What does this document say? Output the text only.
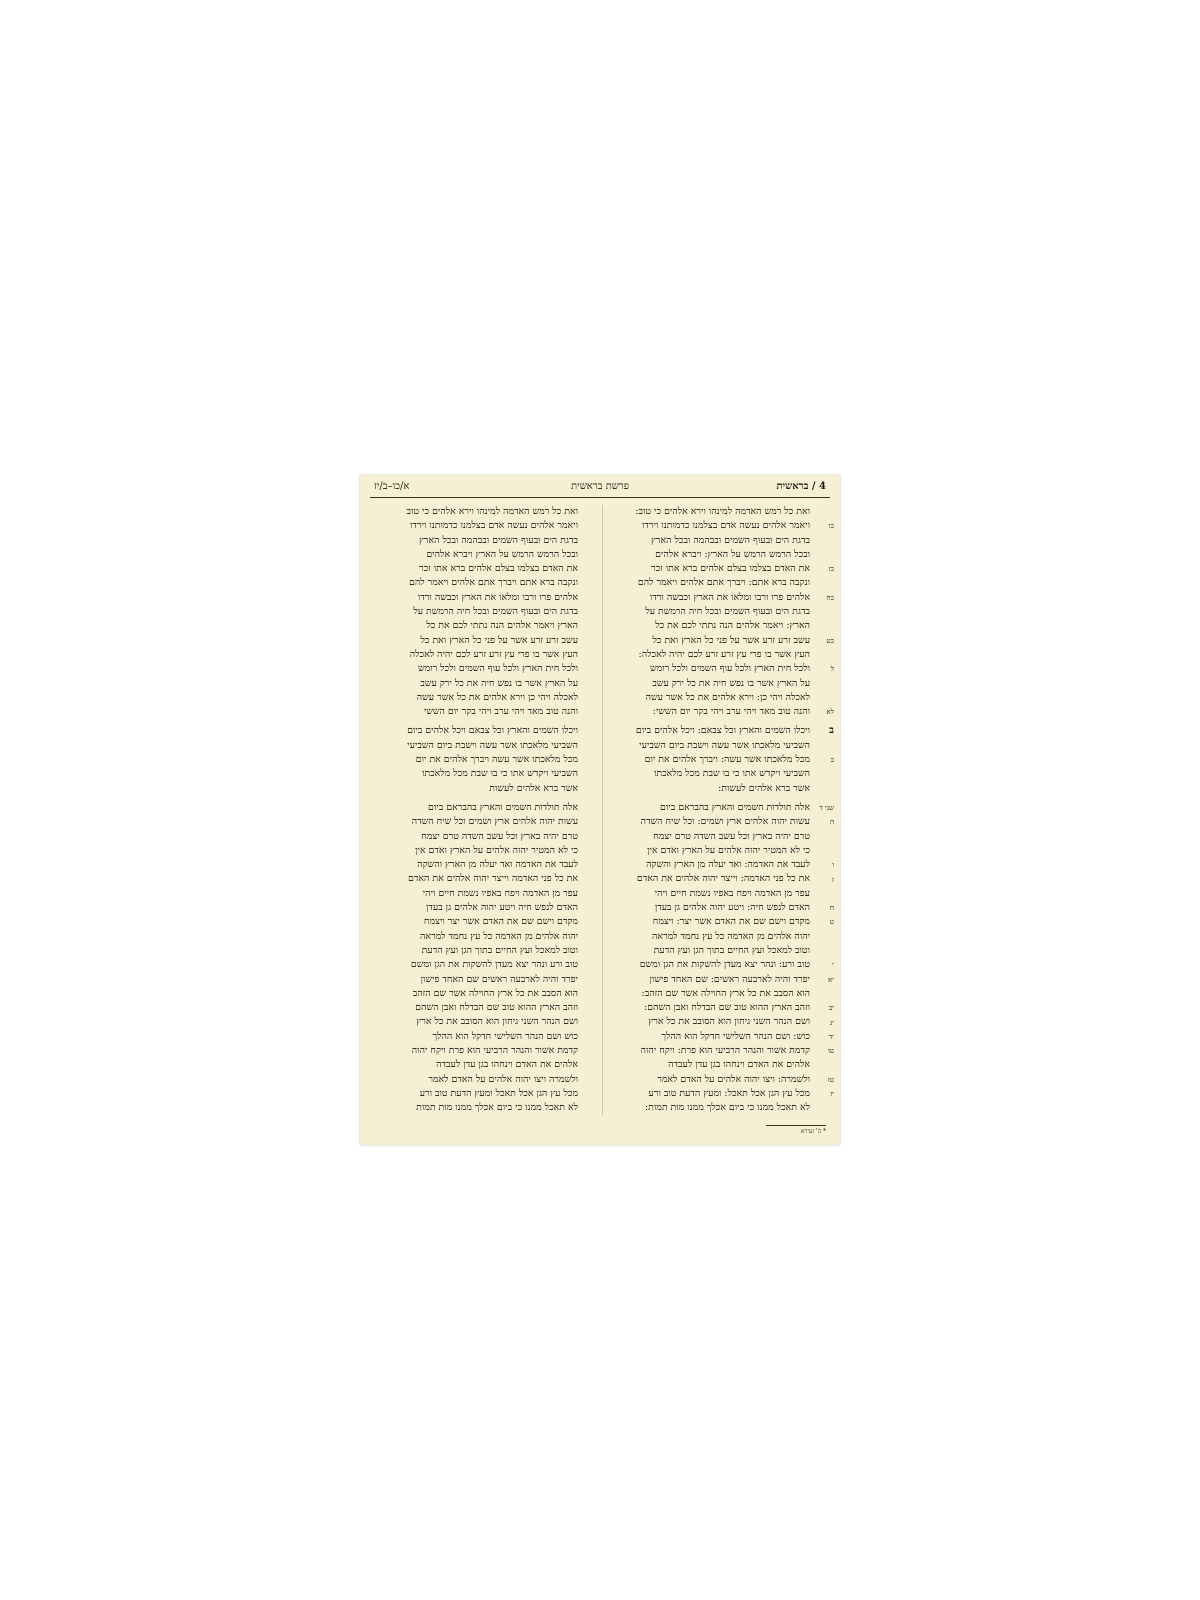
4 / בראשית
פרשת בראשית
א/כו–ב/יז
כו
כז
כח
כט
ל
לא
ב
ב
שני ד
ה
ו
ז
ח
ט
י
יא
יב
יג
יד
טו
טז
יז
ואת כל רמש האדמה למינהו וירא אלהים כי טוב:
ויאמר אלהים נעשה אדם בצלמנו כדמותנו וירדו
בדגת הים ובעוף השמים ובבהמה ובכל הארץ
ובכל הרמש הרמש על הארץ: ויברא אלהים
את האדם בצלמו בצלם אלהים ברא אתו זכר
ונקבה ברא אתם: ויברך אתם אלהים ויאמר להם
אלהים פרו ורבו ומלאו את הארץ וכבשה ורדו
בדגת הים ובעוף השמים ובכל חיה הרמשת על
הארץ: ויאמר אלהים הנה נתתי לכם את כל
עשב זרע זרע אשר על פני כל הארץ ואת כל
העץ אשר בו פרי עץ זרע זרע לכם יהיה לאכלה:
ולכל חית הארץ ולכל עוף השמים ולכל רומש
על הארץ אשר בו נפש חיה את כל ירק עשב
לאכלה ויהי כן: וירא אלהים את כל אשר עשה
והנה טוב מאד ויהי ערב ויהי בקר יום הששי:
ויכלו השמים והארץ וכל צבאם: ויכל אלהים ביום
השביעי מלאכתו אשר עשה וישבת ביום השביעי
מכל מלאכתו אשר עשה: ויברך אלהים את יום
השביעי ויקדש אתו כי בו שבת מכל מלאכתו
אשר ברא אלהים לעשות:
אלה תולדות השמים והארץ בהבראם ביום
עשות יהוה אלהים ארץ ושמים: וכל שיח השדה
טרם יהיה בארץ וכל עשב השדה טרם יצמח
כי לא המטיר יהוה אלהים על הארץ ואדם אין
לעבד את האדמה: ואד יעלה מן הארץ והשקה
את כל פני האדמה: וייצר יהוה אלהים את האדם
עפר מן האדמה ויפח באפיו נשמת חיים ויהי
האדם לנפש חיה: ויטע יהוה אלהים גן בעדן
מקדם וישם שם את האדם אשר יצר: ויצמח
יהוה אלהים מן האדמה כל עץ נחמד למראה
וטוב למאכל ועץ החיים בתוך הגן ועץ הדעת
טוב ורע: ונהר יצא מעדן להשקות את הגן ומשם
יפרד והיה לארבעה ראשים: שם האחד פישון
הוא הסבב את כל ארץ החוילה אשר שם הזהב:
וזהב הארץ ההוא טוב שם הבדלח ואבן השהם:
ושם הנהר השני גיחון הוא הסובב את כל ארץ
כוש: ושם הנהר השלישי חדקל הוא ההלך
קדמת אשור והנהר הרביעי הוא פרת: ויקח יהוה
אלהים את האדם וינחהו בגן עדן לעבדה
ולשמרה: ויצו יהוה אלהים על האדם לאמר
מכל עץ הגן אכל תאכל: ומעץ הדעת טוב ורע
לא תאכל ממנו כי ביום אכלך ממנו מות תמות:
ואת כל רמש האדמה למינהו וירא אלהים כי טוב
ויאמר אלהים נעשה אדם בצלמנו כדמותנו וירדו
בדגת הים ובעוף השמים ובבהמה ובכל הארץ
ובכל הרמש הרמש על הארץ ויברא אלהים
את האדם בצלמו בצלם אלהים ברא אתו זכר
ונקבה ברא אתם ויברך אתם אלהים ויאמר להם
אלהים פרו ורבו ומלאו את הארץ וכבשה ורדו
בדגת הים ובעוף השמים ובכל חיה הרמשת על
הארץ ויאמר אלהים הנה נתתי לכם את כל
עשב זרע זרע אשר על פני כל הארץ ואת כל
העץ אשר בו פרי עץ זרע זרע לכם יהיה לאכלה
ולכל חית הארץ ולכל עוף השמים ולכל רומש
על הארץ אשר בו נפש חיה את כל ירק עשב
לאכלה ויהי כן וירא אלהים את כל אשר עשה
והנה טוב מאד ויהי ערב ויהי בקר יום הששי
ויכלו השמים והארץ וכל צבאם ויכל אלהים ביום
השביעי מלאכתו אשר עשה וישבת ביום השביעי
מכל מלאכתו אשר עשה ויברך אלהים את יום
השביעי ויקדש אתו כי בו שבת מכל מלאכתו
אשר ברא אלהים לעשות
אלה תולדות השמים והארץ בהבראם ביום
עשות יהוה אלהים ארץ ושמים וכל שיח השדה
טרם יהיה בארץ וכל עשב השדה טרם יצמח
כי לא המטיר יהוה אלהים על הארץ ואדם אין
לעבד את האדמה ואד יעלה מן הארץ והשקה
את כל פני האדמה וייצר יהוה אלהים את האדם
עפר מן האדמה ויפח באפיו נשמת חיים ויהי
האדם לנפש חיה ויטע יהוה אלהים גן בעדן
מקדם וישם שם את האדם אשר יצר ויצמח
יהוה אלהים מן האדמה כל עץ נחמד למראה
וטוב למאכל ועץ החיים בתוך הגן ועץ הדעת
טוב ורע ונהר יצא מעדן להשקות את הגן ומשם
יפרד והיה לארבעה ראשים שם האחד פישון
הוא הסבב את כל ארץ החוילה אשר שם הזהב
וזהב הארץ ההוא טוב שם הבדלח ואבן השהם
ושם הנהר השני גיחון הוא הסובב את כל ארץ
כוש ושם הנהר השלישי חדקל הוא ההלך
קדמת אשור והנהר הרביעי הוא פרת ויקח יהוה
אלהים את האדם וינחהו בגן עדן לעבדה
ולשמרה ויצו יהוה אלהים על האדם לאמר
מכל עץ הגן אכל תאכל ומעץ הדעת טוב ורע
לא תאכל ממנו כי ביום אכלך ממנו מות תמות
* ה' זעירא
